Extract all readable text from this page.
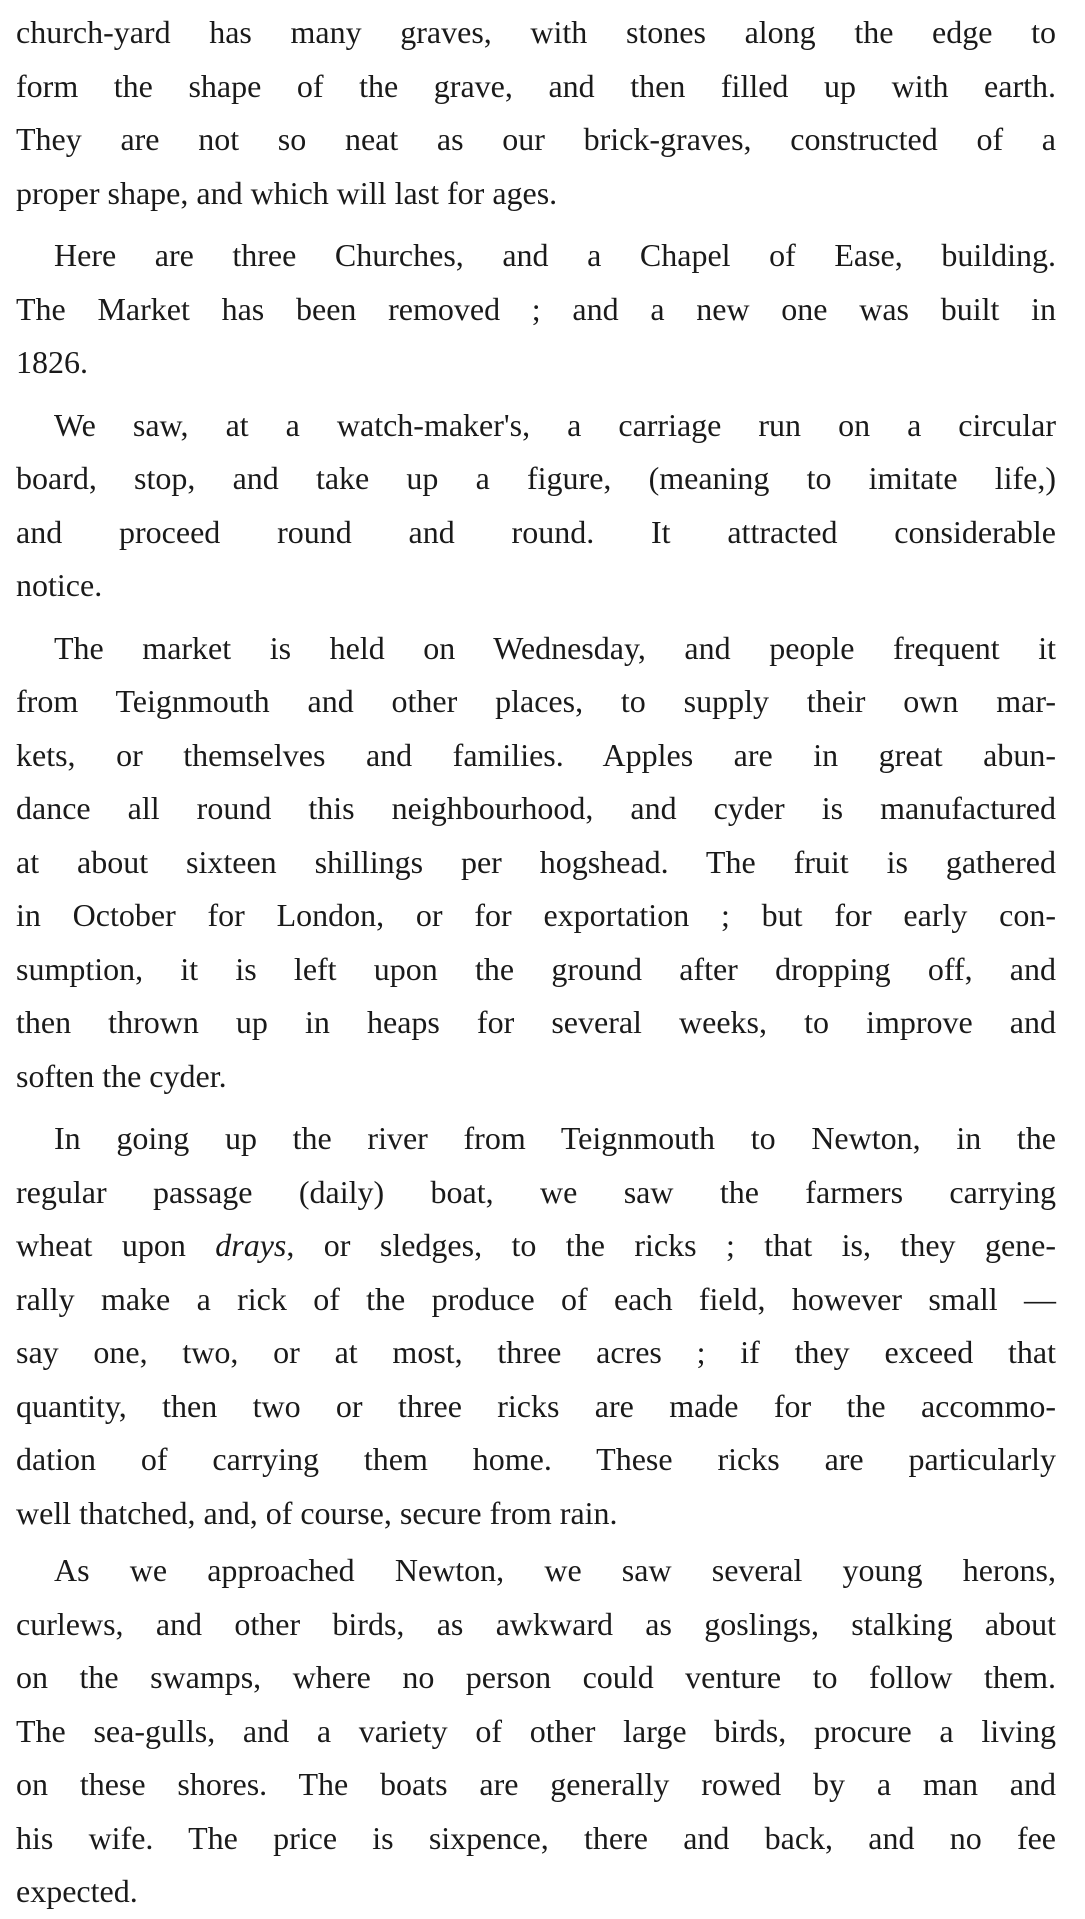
church-yard has many graves, with stones along the edge to
form the shape of the grave, and then filled up with earth.
They are not so neat as our brick-graves, constructed of a
proper shape, and which will last for ages.
Here are three Churches, and a Chapel of Ease, building.
The Market has been removed ; and a new one was built in
1826.
We saw, at a watch-maker's, a carriage run on a circular
board, stop, and take up a figure, (meaning to imitate life,)
and proceed round and round. It attracted considerable
notice.
The market is held on Wednesday, and people frequent it
from Teignmouth and other places, to supply their own mar-
kets, or themselves and families. Apples are in great abun-
dance all round this neighbourhood, and cyder is manufactured
at about sixteen shillings per hogshead. The fruit is gathered
in October for London, or for exportation ; but for early con-
sumption, it is left upon the ground after dropping off, and
then thrown up in heaps for several weeks, to improve and
soften the cyder.
In going up the river from Teignmouth to Newton, in the
regular passage (daily) boat, we saw the farmers carrying
wheat upon drays, or sledges, to the ricks ; that is, they gene-
rally make a rick of the produce of each field, however small —
say one, two, or at most, three acres ; if they exceed that
quantity, then two or three ricks are made for the accommo-
dation of carrying them home. These ricks are particularly
well thatched, and, of course, secure from rain.
As we approached Newton, we saw several young herons,
curlews, and other birds, as awkward as goslings, stalking about
on the swamps, where no person could venture to follow them.
The sea-gulls, and a variety of other large birds, procure a living
on these shores. The boats are generally rowed by a man and
his wife. The price is sixpence, there and back, and no fee
expected.
